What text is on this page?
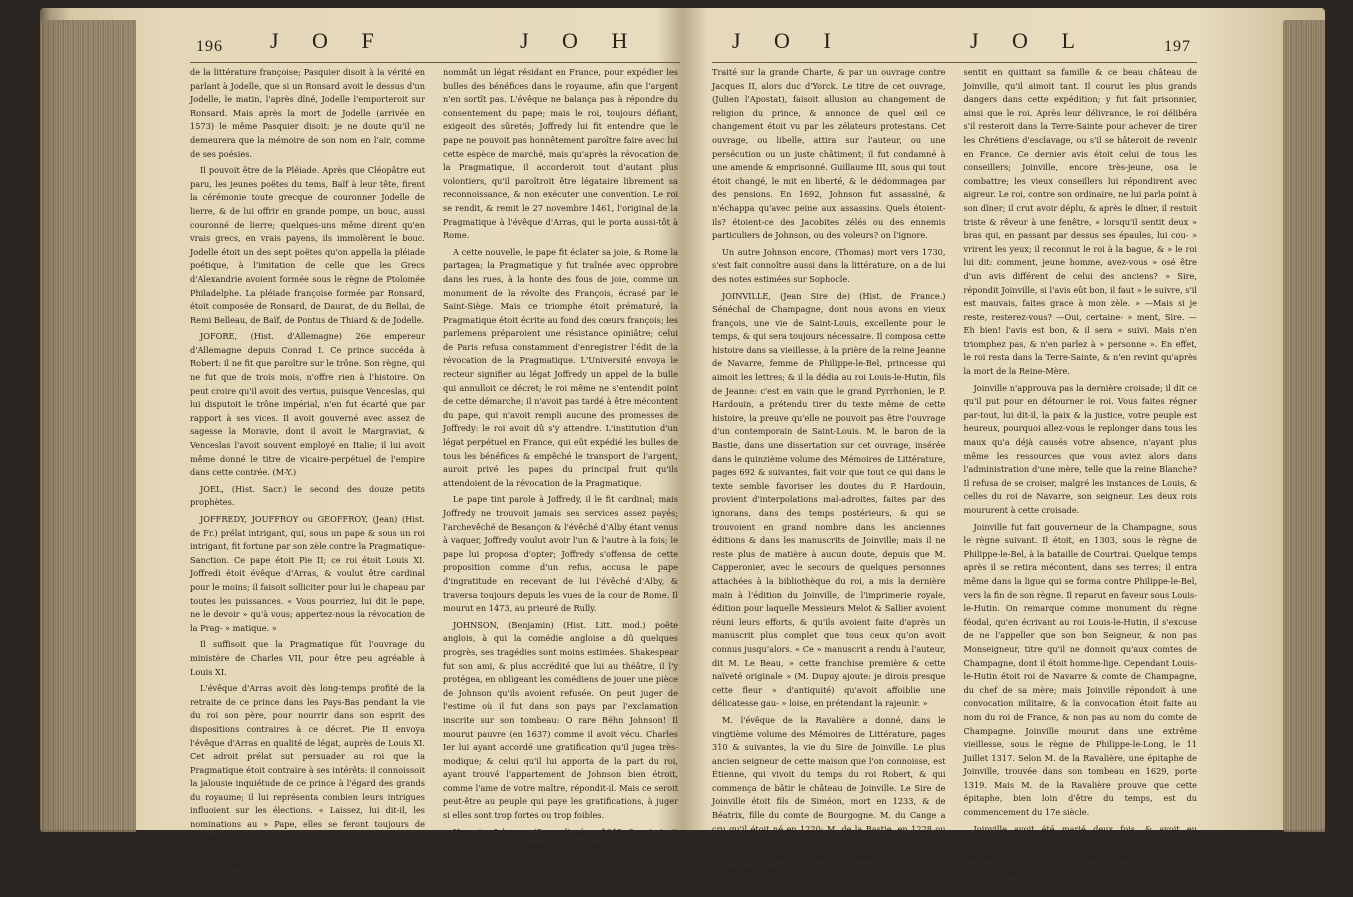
196 J O F	J O H

de la littérature françoise; Pasquier disoit à la vérité en parlant à Jodelle, que si un Ronsard avoit le dessus d'un Jodelle, le matin, l'après dîné, Jodelle l'emporteroit sur Ronsard. Mais après la mort de Jodelle (arrivée en 1573) le même Pasquier disoit: je ne doute qu'il ne demeurera que la mémoire de son nom en l'air, comme de ses poésies.

Il pouvoit être de la Pléiade. Après que Cléopâtre eut paru, les jeunes poëtes du tems, Baïf à leur tête, firent la cérémonie toute grecque de couronner Jodelle de lierre, & de lui offrir en grande pompe, un bouc, aussi couronné de lierre; quelques-uns même dirent qu'en vrais grecs, en vrais payens, ils immolèrent le bouc. Jodelle étoit un des sept poëtes qu'on appella la pléiade poétique, à l'imitation de celle que les Grecs d'Alexandrie avoient formée sous le règne de Ptolomée Philadelphe. La pléiade françoise formée par Ronsard, étoit composée de Ronsard, de Daurat, de du Bellai, de Remi Belleau, de Baïf, de Pontus de Thiard & de Jodelle.

JOFORE, (Hist. d'Allemagne) 26e empereur d'Allemagne depuis Conrad I. Ce prince succéda à Robert: il ne fit que paroître sur le trône. Son règne, qui ne fut que de trois mois, n'offre rien à l'histoire. On peut croire qu'il avoit des vertus, puisque Venceslas, qui lui disputoit le trône impérial, n'en fut écarté que par rapport à ses vices. Il avoit gouverné avec assez de sagesse la Moravie, dont il avoit le Margraviat, & Venceslas l'avoit souvent employé en Italie; il lui avoit même donné le titre de vicaire-perpétuel de l'empire dans cette contrée. (M-Y.)

JOEL, (Hist. Sacr.) le second des douze petits prophètes.

JOFFREDY, JOUFFROY ou GEOFFROY, (Jean) (Hist. de Fr.) prélat intrigant, qui, sous un pape & sous un roi intrigant, fit fortune par son zèle contre la Pragmatique-Sanction. Ce pape étoit Pie II; ce roi étoit Louis XI. Joffredi étoit évêque d'Arras, & voulut être cardinal pour le moins; il faisoit solliciter pour lui le chapeau par toutes les puissances. « Vous pourriez, lui dit le pape, ne le devoir » qu'à vous; appertez-nous la révocation de la Prag- » matique. »

Il suffisoit que la Pragmatique fût l'ouvrage du ministère de Charles VII, pour être peu agréable à Louis XI.

L'évêque d'Arras avoit dès long-temps profité de la retraite de ce prince dans les Pays-Bas pendant la vie du roi son père, pour nourrir dans son esprit des dispositions contraires à ce décret. Pie II envoya l'évêque d'Arras en qualité de légat, auprès de Louis XI. Cet adroit prélat sut persuader au roi que la Pragmatique étoit contraire à ses intérêts: il connoissoit la jalousie inquiétude de ce prince à l'égard des grands du royaume; il lui représenta combien leurs intrigues influoient sur les élections. « Laissez, lui dit-il, les nominations au » Pape, elles se feront toujours de concert avec vous. Louis XI parut ébloui de ces raisons; il consentit à l'abolition de la Pragmatique; mais il voulut qu'on

nommât un légat résidant en France, pour expédier les bulles des bénéfices dans le royaume, afin que l'argent n'en sortît pas. L'évêque ne balança pas à répondre du consentement du pape; mais le roi, toujours défiant, exigeoit des sûretés; Joffredy lui fit entendre que le pape ne pouvoit pas honnêtement paroître faire avec lui cette espèce de marché, mais qu'après la révocation de la Pragmatique, il accorderoit tout d'autant plus volontiers, qu'il paroîtroit être légataire librement sa reconnoissance, & non exécuter une convention. Le roi se rendit, & remit le 27 novembre 1461, l'original de la Pragmatique à l'évêque d'Arras, qui le porta aussi-tôt à Rome.

A cette nouvelle, le pape fit éclater sa joie, & Rome la partagea; la Pragmatique y fut traînée avec opprobre dans les rues, à la honte des fous de joie, comme un monument de la révolte des François, écrasé par le Saint-Siège. Mais ce triomphe étoit prématuré, la Pragmatique étoit écrite au fond des cœurs françois; les parlemens préparoient une résistance opiniâtre; celui de Paris refusa constamment d'enregistrer l'édit de la révocation de la Pragmatique. L'Université envoya le recteur signifier au légat Joffredy un appel de la bulle qui annulloit ce décret; le roi même ne s'entendit point de cette démarche; il n'avoit pas tardé à être mécontent du pape, qui n'avoit rempli aucune des promesses de Joffredy: le roi avoit dû s'y attendre. L'institution d'un légat perpétuel en France, qui eût expédié les bulles de tous les bénéfices & empêché le transport de l'argent, auroit privé les papes du principal fruit qu'ils attendoient de la révocation de la Pragmatique.

Le pape tint parole à Joffredy, il le fit cardinal; mais Joffredy ne trouvoit jamais ses services assez payés; l'archevêché de Besançon & l'évêché d'Alby étant venus à vaquer, Joffredy voulut avoir l'un & l'autre à la fois; le pape lui proposa d'opter; Joffredy s'offensa de cette proposition comme d'un refus, accusa le pape d'ingratitude en recevant de lui l'évêché d'Alby, & traversa toujours depuis les vues de la cour de Rome. Il mourut en 1473, au prieuré de Rully.

JOHNSON, (Benjamin) (Hist. Litt. mod.) poëte anglois, à qui la comédie angloise a dû quelques progrès, ses tragédies sont moins estimées. Shakespear fut son ami, & plus accrédité que lui au théâtre, il l'y protégea, en obligeant les comédiens de jouer une pièce de Johnson qu'ils avoient refusée. On peut juger de l'estime où il fut dans son pays par l'exclamation inscrite sur son tombeau: O rare Bëhn Johnson! Il mourut pauvre (en 1637) comme il avoit vécu. Charles Ier lui ayant accordé une gratification qu'il jugea très-modique; & celui qu'il lui apporta de la part du roi, ayant trouvé l'appartement de Johnson bien étroit, comme l'ame de votre maître, répondit-il. Mais ce seroit peut-être au peuple qui paye les gratifications, à juger si elles sont trop fortes ou trop foibles.

Un autre Johnson, (Samuel) né en 1649, & qui vivoit encore en 1692, a beaucoup écrit sur la politique & la jurisprudence. Il est sur-tout connu par un

J O I	J O L	197

Traité sur la grande Charte, & par un ouvrage contre Jacques II, alors duc d'Yorck. Le titre de cet ouvrage, (Julien l'Apostat), faisoit allusion au changement de religion du prince, & annonce de quel œil ce changement étoit vu par les zélateurs protestans. Cet ouvrage, ou libelle, attira sur l'auteur, ou une persécution ou un juste châtiment; il fut condamné à une amende & emprisonné. Guillaume III, sous qui tout étoit changé, le mit en liberté, & le dédommagea par des pensions. En 1692, Johnson fut assassiné, & n'échappa qu'avec peine aux assassins. Quels étoient-ils? étoient-ce des Jacobites zélés ou des ennemis particuliers de Johnson, ou des voleurs? on l'ignore.

Un autre Johnson encore, (Thomas) mort vers 1730, s'est fait connoître aussi dans la littérature, on a de lui des notes estimées sur Sophocle.

JOINVILLE, (Jean Sire de) (Hist. de France.) Sénéchal de Champagne, dont nous avons en vieux françois, une vie de Saint-Louis, excellente pour le temps, & qui sera toujours nécessaire. Il composa cette histoire dans sa vieillesse, à la prière de la reine Jeanne de Navarre, femme de Philippe-le-Bel, princesse qui aimoit les lettres; & il la dédia au roi Louis-le-Hutin, fils de Jeanne: c'est en vain que le grand Pyrrhonien, le P. Hardouin, a prétendu tirer du texte même de cette histoire, la preuve qu'elle ne pouvoit pas être l'ouvrage d'un contemporain de Saint-Louis. M. le baron de la Bastie, dans une dissertation sur cet ouvrage, insérée dans le quinzième volume des Mémoires de Littérature, pages 692 & suivantes, fait voir que tout ce qui dans le texte semble favoriser les doutes du P. Hardouin, provient d'interpolations mal-adroites, faites par des ignorans, dans des temps postérieurs, & qui se trouvoient en grand nombre dans les anciennes éditions & dans les manuscrits de Joinville; mais il ne reste plus de matière à aucun doute, depuis que M. Capperonier, avec le secours de quelques personnes attachées à la bibliothèque du roi, a mis la dernière main à l'édition du Joinville, de l'imprimerie royale, édition pour laquelle Messieurs Melot & Sallier avoient réuni leurs efforts, & qu'ils avoient faite d'après un manuscrit plus complet que tous ceux qu'on avoit connus jusqu'alors. « Ce » manuscrit a rendu à l'auteur, dit M. Le Beau, » cette franchise première & cette naïveté originale » (M. Dupuy ajoute: je dirois presque cette fleur » d'antiquité) qu'avoit affoiblie une délicatesse gau- » loise, en prétendant la rajeunir. »

M. l'évêque de la Ravalière a donné, dans le vingtième volume des Mémoires de Littérature, pages 310 & suivantes, la vie du Sire de Joinville. Le plus ancien seigneur de cette maison que l'on connoisse, est Étienne, qui vivoit du temps du roi Robert, & qui commença de bâtir le château de Joinville. Le Sire de Joinville étoit fils de Siméon, mort en 1233, & de Béatrix, fille du comte de Bourgogne. M. du Cange a cru qu'il étoit né en 1220; M. de la Bastie, en 1228 ou 1229; M. de la Ravalière, en 1223 ou 1224. Il suivit Saint-Louis à la cinquième croisade; il peint avec beaucoup de naïveté, la douleur qu'il

sentit en quittant sa famille & ce beau château de Joinville, qu'il aimoit tant. Il courut les plus grands dangers dans cette expédition; y fut fait prisonnier, ainsi que le roi. Après leur délivrance, le roi délibéra s'il resteroit dans la Terre-Sainte pour achever de tirer les Chrétiens d'esclavage, ou s'il se hâteroit de revenir en France. Ce dernier avis étoit celui de tous les conseillers; Joinville, encore très-jeune, osa le combattre; les vieux conseillers lui répondirent avec aigreur. Le roi, contre son ordinaire, ne lui parla point à son dîner; il crut avoir déplu, & après le dîner, il restoit triste & rêveur à une fenêtre, « lorsqu'il sentit deux » bras qui, en passant par dessus ses épaules, lui cou- » vrirent les yeux; il reconnut le roi à la bague, & » le roi lui dit: comment, jeune homme, avez-vous » osé être d'un avis différent de celui des anciens? » Sire, répondit Joinville, si l'avis eût bon, il faut » le suivre, s'il est mauvais, faites grace à mon zèle. » —Mais si je reste, resterez-vous? —Oui, certaine- » ment, Sire. — Eh bien! l'avis est bon, & il sera » suivi. Mais n'en triomphez pas, & n'en parlez à » personne ». En effet, le roi resta dans la Terre-Sainte, & n'en revint qu'après la mort de la Reine-Mère.

Joinville n'approuva pas la dernière croisade; il dit ce qu'il put pour en détourner le roi. Vous faites régner par-tout, lui dit-il, la paix & la justice, votre peuple est heureux, pourquoi allez-vous le replonger dans tous les maux qu'a déjà causés votre absence, n'ayant plus même les ressources que vous aviez alors dans l'administration d'une mère, telle que la reine Blanche? Il refusa de se croiser, malgré les instances de Louis, & celles du roi de Navarre, son seigneur. Les deux rois moururent à cette croisade.

Joinville fut fait gouverneur de la Champagne, sous le règne suivant. Il étoit, en 1303, sous le règne de Philippe-le-Bel, à la bataille de Courtrai. Quelque temps après il se retira mécontent, dans ses terres; il entra même dans la ligue qui se forma contre Philippe-le-Bel, vers la fin de son règne. Il reparut en faveur sous Louis-le-Hutin. On remarque comme monument du règne féodal, qu'en écrivant au roi Louis-le-Hutin, il s'excuse de ne l'appeller que son bon Seigneur, & non pas Monseigneur, titre qu'il ne donnoit qu'aux comtes de Champagne, dont il étoit homme-lige. Cependant Louis-le-Hutin étoit roi de Navarre & comte de Champagne, du chef de sa mère; mais Joinville répondoit à une convocation militaire, & la convocation étoit faite au nom du roi de France, & non pas au nom du comte de Champagne. Joinville mourut dans une extrême vieillesse, sous le règne de Philippe-le-Long, le 11 Juillet 1317. Selon M. de la Ravalière, une épitaphe de Joinville, trouvée dans son tombeau en 1629, porte 1319. Mais M. de la Ravalière prouve que cette épitaphe, bien loin d'être du temps, est du commencement du 17e siècle.

Joinville avoit été marié deux fois, & avoit eu beaucoup d'enfans; Anceau, son fils, fut, comme lui, seigneur de Joinville & sénéchal de Champagne.

JOLY, (Hist. Litt.) Plusieurs écrivains ont illustré ce nom, ou du moins l'ont fait connoître.
